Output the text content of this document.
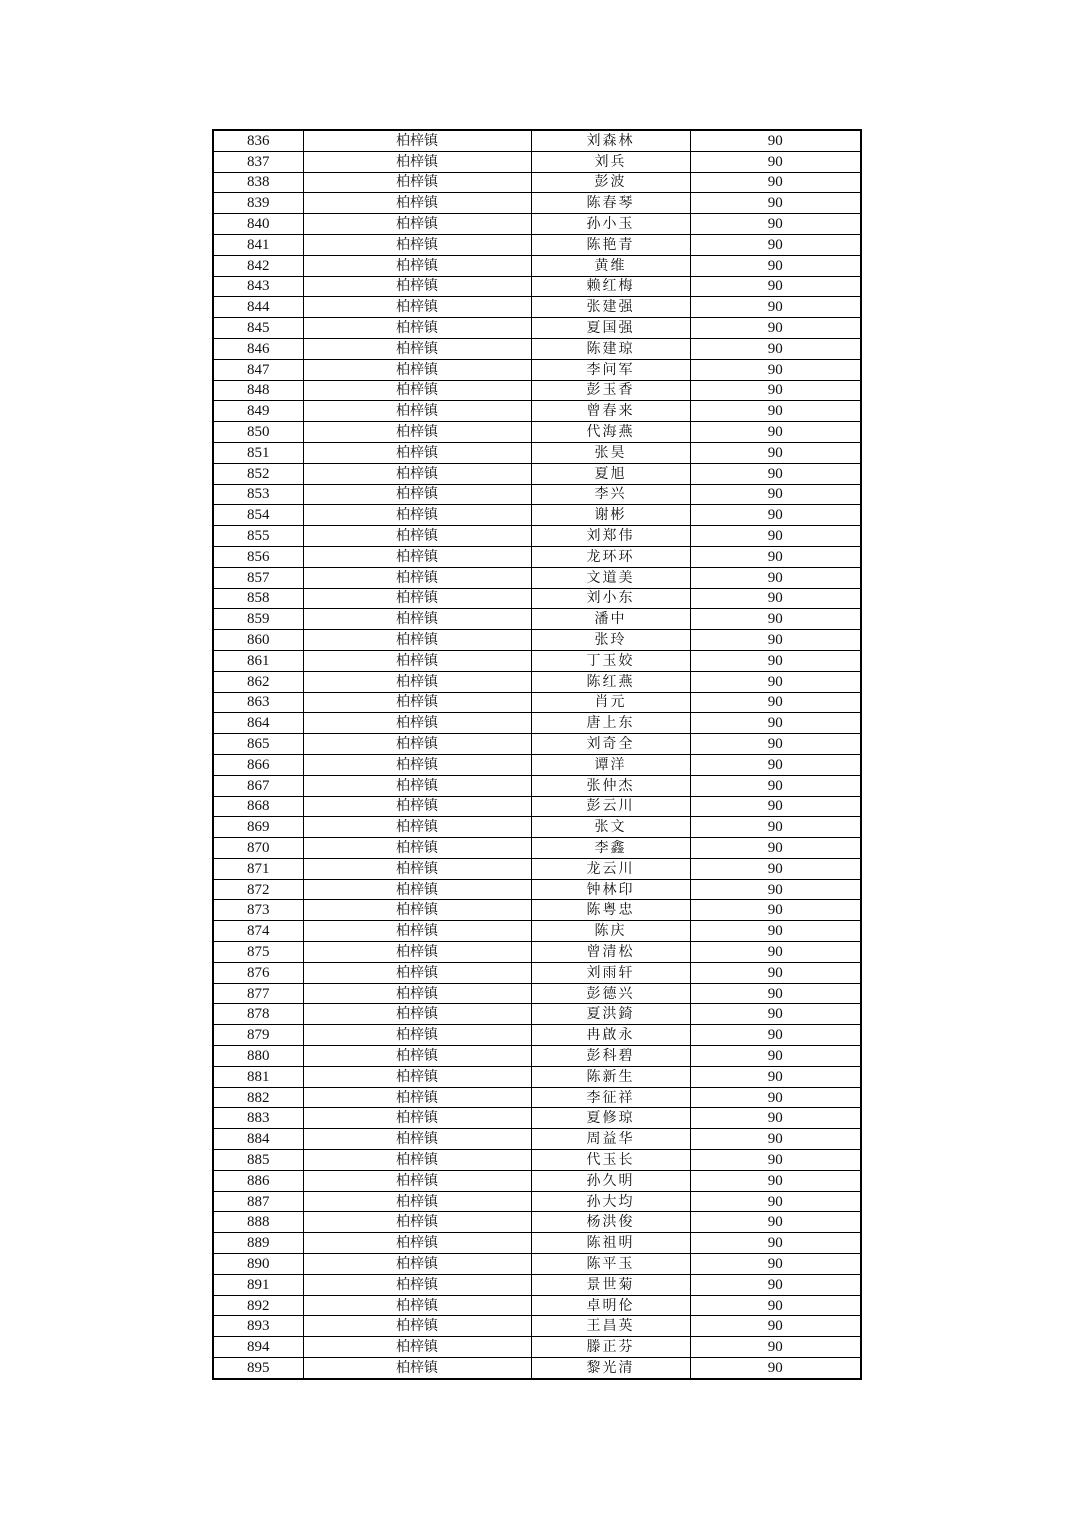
836	柏梓镇	刘森林	90
837	柏梓镇	刘兵	90
838	柏梓镇	彭波	90
839	柏梓镇	陈春琴	90
840	柏梓镇	孙小玉	90
841	柏梓镇	陈艳青	90
842	柏梓镇	黄维	90
843	柏梓镇	赖红梅	90
844	柏梓镇	张建强	90
845	柏梓镇	夏国强	90
846	柏梓镇	陈建琼	90
847	柏梓镇	李问军	90
848	柏梓镇	彭玉香	90
849	柏梓镇	曾春来	90
850	柏梓镇	代海燕	90
851	柏梓镇	张昊	90
852	柏梓镇	夏旭	90
853	柏梓镇	李兴	90
854	柏梓镇	谢彬	90
855	柏梓镇	刘郑伟	90
856	柏梓镇	龙环环	90
857	柏梓镇	文道美	90
858	柏梓镇	刘小东	90
859	柏梓镇	潘中	90
860	柏梓镇	张玲	90
861	柏梓镇	丁玉姣	90
862	柏梓镇	陈红燕	90
863	柏梓镇	肖元	90
864	柏梓镇	唐上东	90
865	柏梓镇	刘奇全	90
866	柏梓镇	谭洋	90
867	柏梓镇	张仲杰	90
868	柏梓镇	彭云川	90
869	柏梓镇	张文	90
870	柏梓镇	李鑫	90
871	柏梓镇	龙云川	90
872	柏梓镇	钟林印	90
873	柏梓镇	陈粤忠	90
874	柏梓镇	陈庆	90
875	柏梓镇	曾清松	90
876	柏梓镇	刘雨轩	90
877	柏梓镇	彭德兴	90
878	柏梓镇	夏洪錡	90
879	柏梓镇	冉啟永	90
880	柏梓镇	彭科碧	90
881	柏梓镇	陈新生	90
882	柏梓镇	李征祥	90
883	柏梓镇	夏修琼	90
884	柏梓镇	周益华	90
885	柏梓镇	代玉长	90
886	柏梓镇	孙久明	90
887	柏梓镇	孙大均	90
888	柏梓镇	杨洪俊	90
889	柏梓镇	陈祖明	90
890	柏梓镇	陈平玉	90
891	柏梓镇	景世菊	90
892	柏梓镇	卓明伦	90
893	柏梓镇	王昌英	90
894	柏梓镇	滕正芬	90
895	柏梓镇	黎光清	90
